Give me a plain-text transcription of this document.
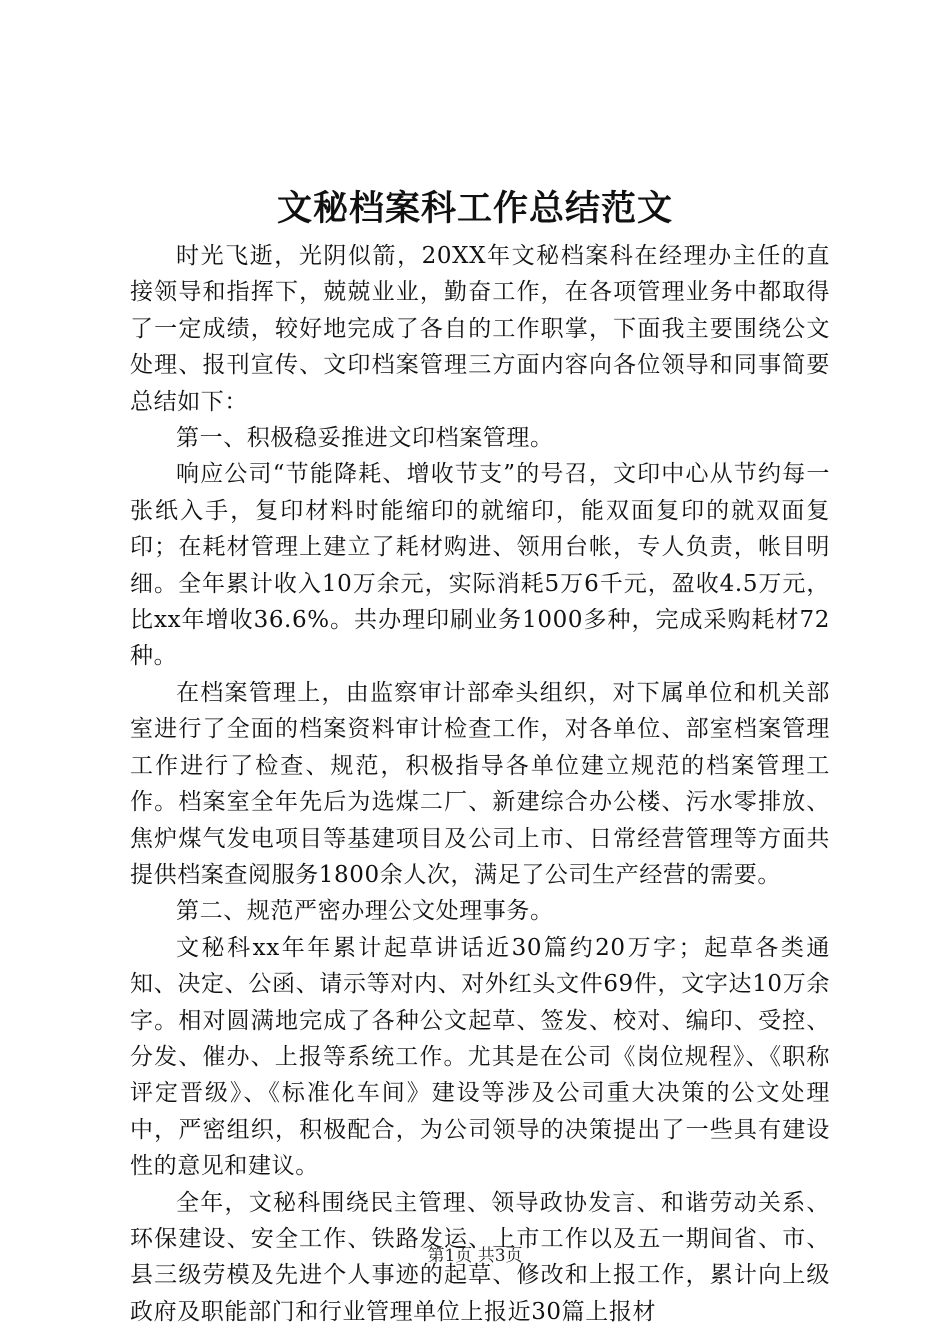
文秘档案科工作总结范文

时光飞逝，光阴似箭，20XX年文秘档案科在经理办主任的直接领导和指挥下，兢兢业业，勤奋工作，在各项管理业务中都取得了一定成绩，较好地完成了各自的工作职掌，下面我主要围绕公文处理、报刊宣传、文印档案管理三方面内容向各位领导和同事简要总结如下：

第一、积极稳妥推进文印档案管理。

响应公司“节能降耗、增收节支”的号召，文印中心从节约每一张纸入手，复印材料时能缩印的就缩印，能双面复印的就双面复印；在耗材管理上建立了耗材购进、领用台帐，专人负责，帐目明细。全年累计收入10万余元，实际消耗5万6千元，盈收4.5万元，比xx年增收36.6%。共办理印刷业务1000多种，完成采购耗材72种。

在档案管理上，由监察审计部牵头组织，对下属单位和机关部室进行了全面的档案资料审计检查工作，对各单位、部室档案管理工作进行了检查、规范，积极指导各单位建立规范的档案管理工作。档案室全年先后为选煤二厂、新建综合办公楼、污水零排放、焦炉煤气发电项目等基建项目及公司上市、日常经营管理等方面共提供档案查阅服务1800余人次，满足了公司生产经营的需要。

第二、规范严密办理公文处理事务。

文秘科xx年年累计起草讲话近30篇约20万字；起草各类通知、决定、公函、请示等对内、对外红头文件69件，文字达10万余字。相对圆满地完成了各种公文起草、签发、校对、编印、受控、分发、催办、上报等系统工作。尤其是在公司《岗位规程》、《职称评定晋级》、《标准化车间》建设等涉及公司重大决策的公文处理中，严密组织，积极配合，为公司领导的决策提出了一些具有建设性的意见和建议。

全年，文秘科围绕民主管理、领导政协发言、和谐劳动关系、环保建设、安全工作、铁路发运、上市工作以及五一期间省、市、县三级劳模及先进个人事迹的起草、修改和上报工作，累计向上级政府及职能部门和行业管理单位上报近30篇上报材

第1页 共3页
